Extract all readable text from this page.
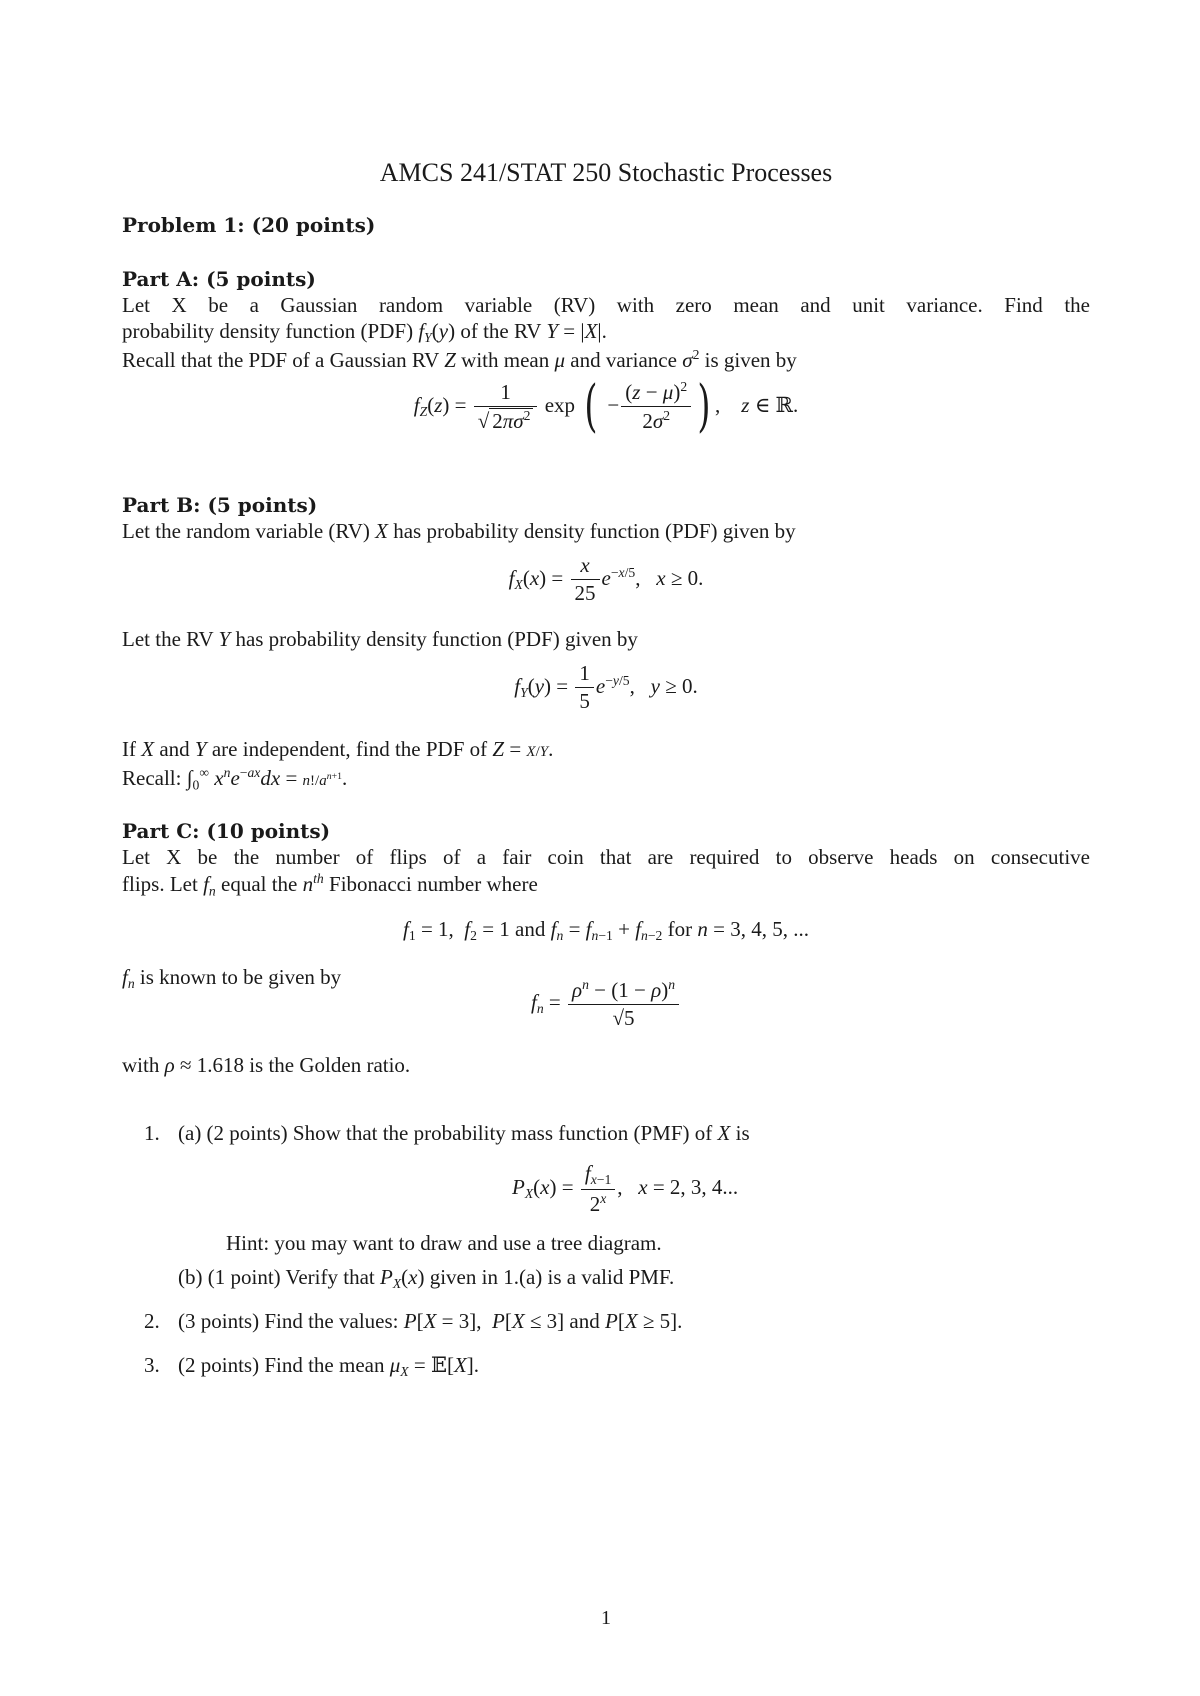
AMCS 241/STAT 250 Stochastic Processes
Problem 1: (20 points)
Part A: (5 points)
Let X be a Gaussian random variable (RV) with zero mean and unit variance. Find the
probability density function (PDF) $f_Y(y)$ of the RV Y = |X|.
Recall that the PDF of a Gaussian RV Z with mean μ and variance $\sigma^2$ is given by
$f_Z(z) = \frac{1}{√ 2\pi\sigma^2}$ exp ( − $\frac{(z - \mu)^2}{2\sigma^2}$ ) ,    z ∈ ℝ.
Part B: (5 points)
Let the random variable (RV) X has probability density function (PDF) given by
$f_X(x) = \frac{x}{25} e^{-x/5}$,   x ≥ 0.
Let the RV Y has probability density function (PDF) given by
$f_Y(y) = \frac{1}{5} e^{-y/5}$,   y ≥ 0.
If X and Y are independent, find the PDF of Z = X/Y.
Recall: $\int_0^\infty$ $x^ne^{-ax}dx = n!/a^{n+1}$.
Part C: (10 points)
Let X be the number of flips of a fair coin that are required to observe heads on consecutive
flips. Let $f_n$ equal the $n^{th}$ Fibonacci number where
$f_1 = 1$,  $f_2 = 1$ and $f_n = f_{n-1} + f_{n-2}$ for n = 3, 4, 5, ...
$f_n$ is known to be given by
$f_n = \frac{\rho^n - (1 - \rho)^n}{√5}$
with ρ ≈ 1.618 is the Golden ratio.
1. (a) (2 points) Show that the probability mass function (PMF) of X is
$P_X(x) = \frac{f_{x-1}}{2^x}$ ,   x = 2, 3, 4...
Hint: you may want to draw and use a tree diagram.
(b) (1 point) Verify that $P_X(x)$ given in 1.(a) is a valid PMF.
2. (3 points) Find the values: P[X = 3],  P[X ≤ 3] and P[X ≥ 5].
3. (2 points) Find the mean $\mu_X$ = 𝔼[X].
1
